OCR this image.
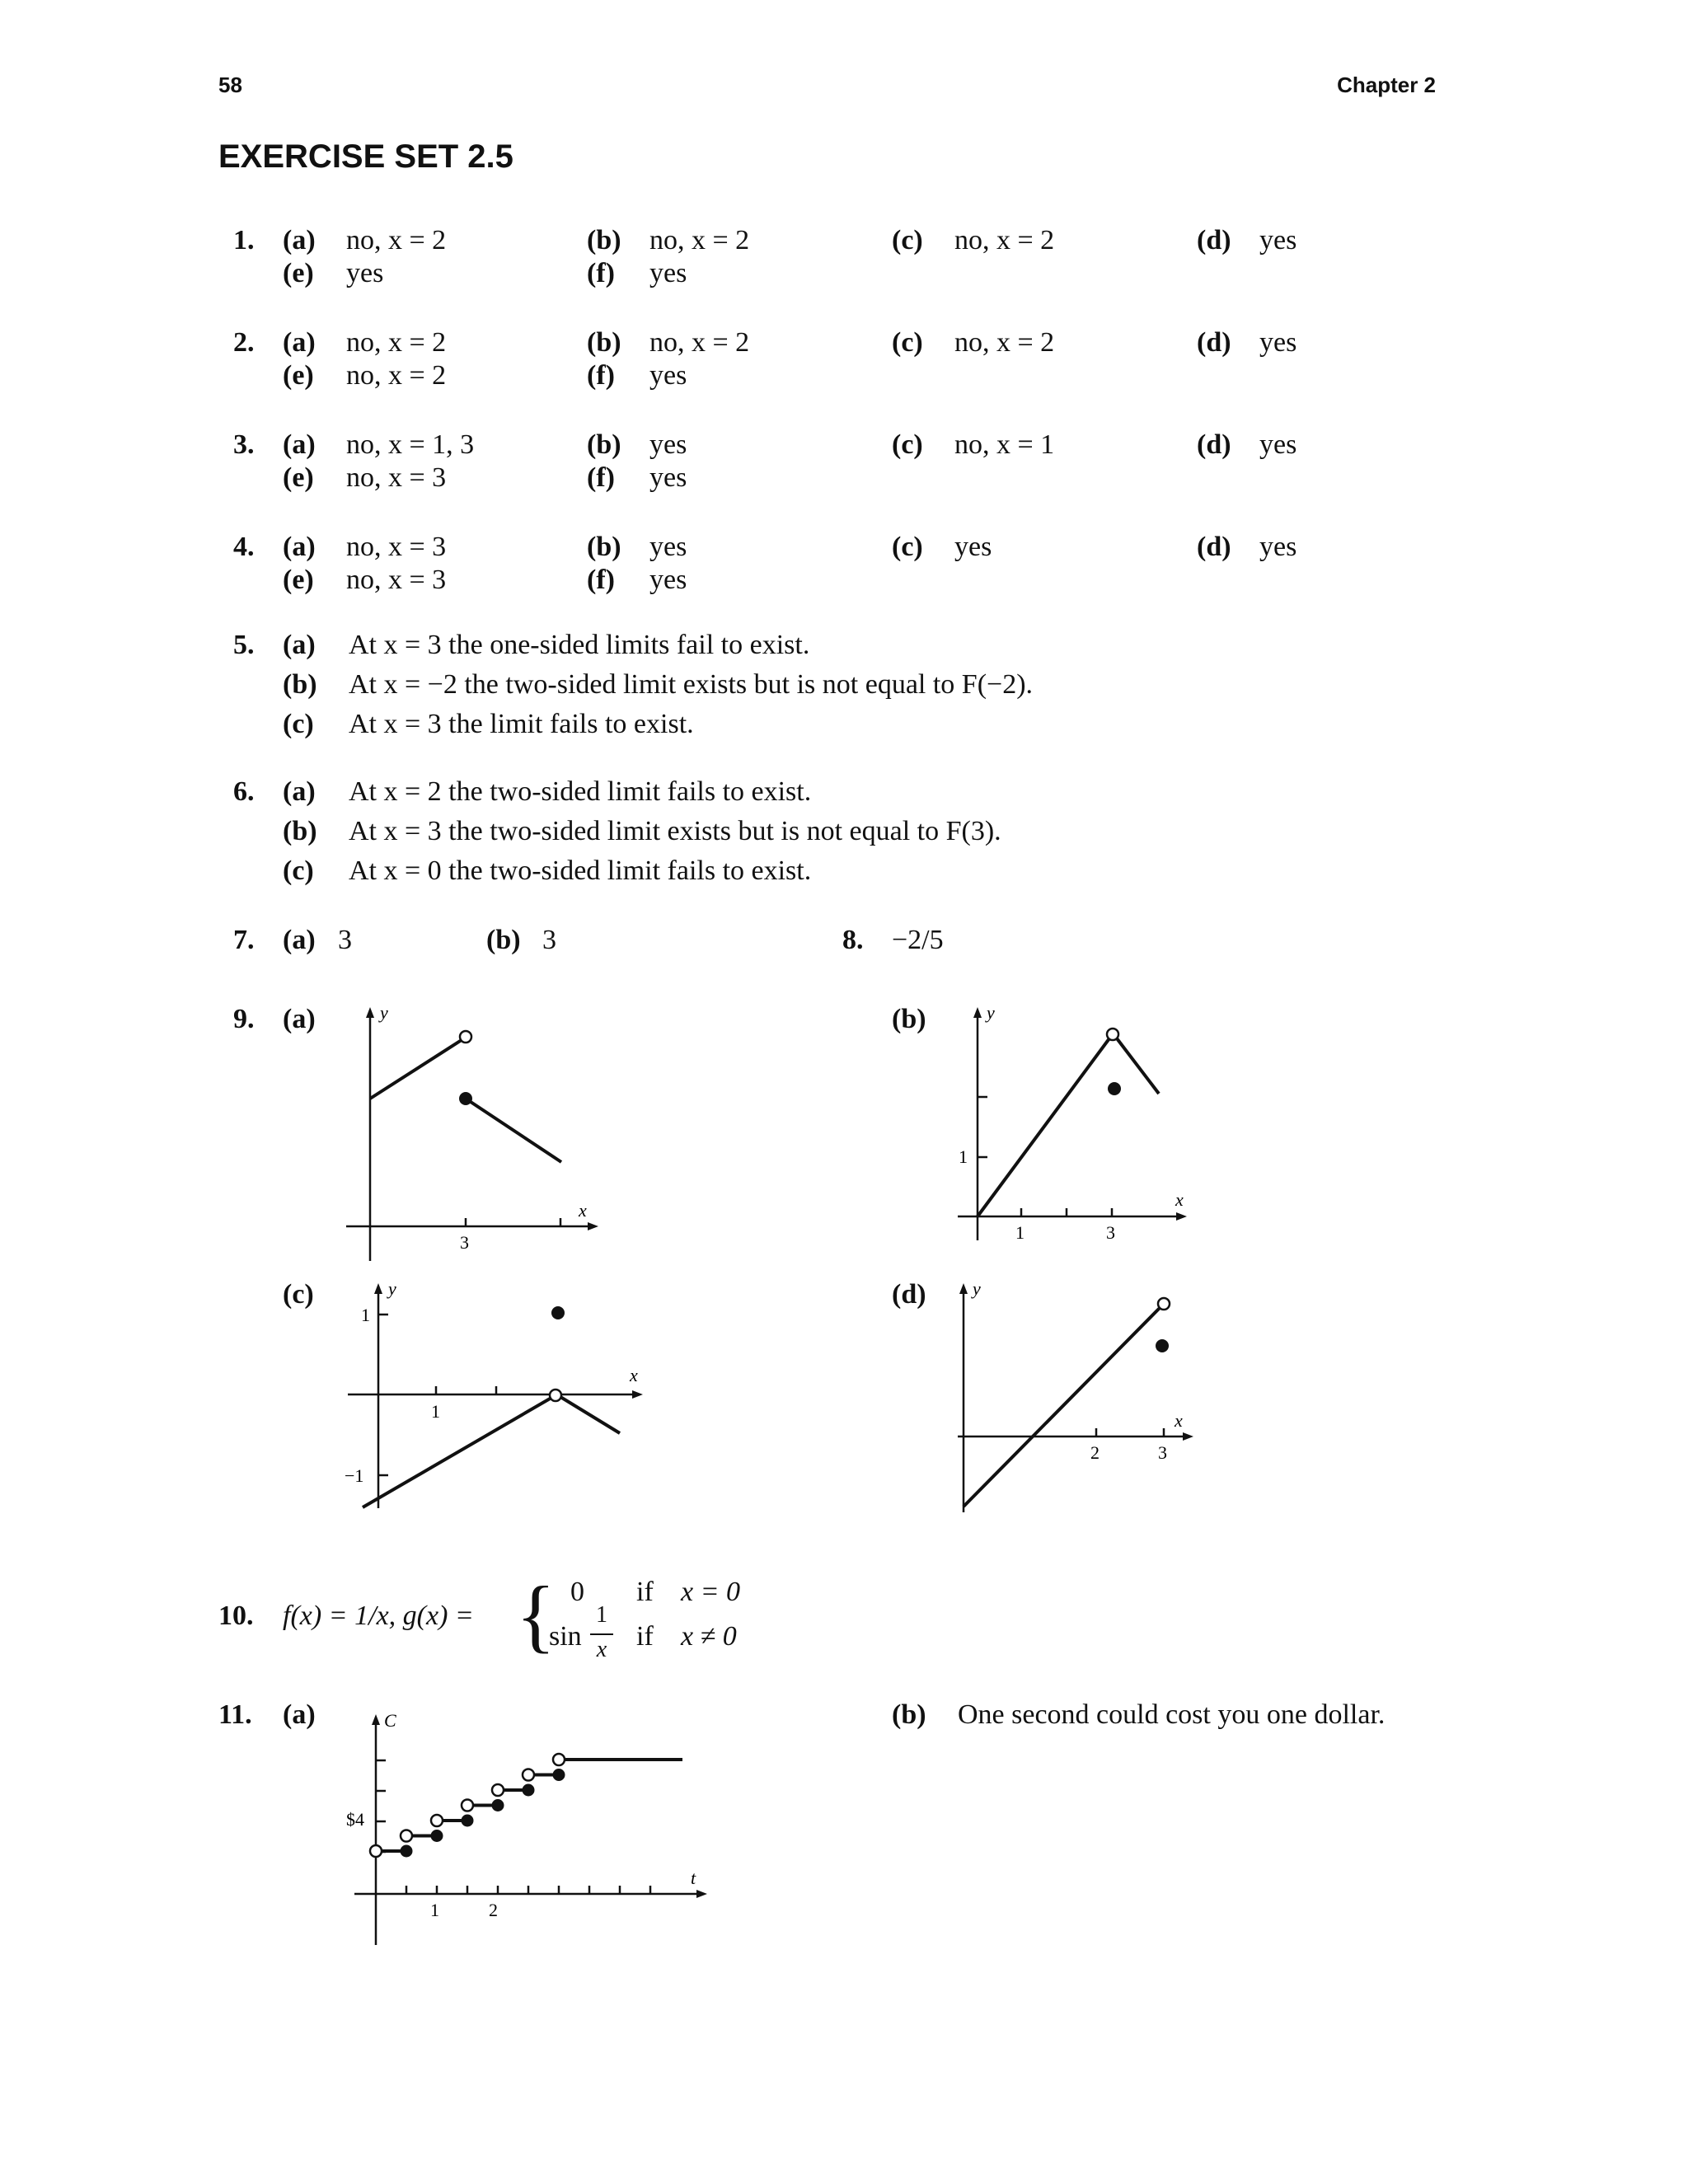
58	Chapter 2
EXERCISE SET 2.5
1. (a) no, x = 2	(b) no, x = 2	(c) no, x = 2	(d) yes
(e) yes	(f) yes
2. (a) no, x = 2	(b) no, x = 2	(c) no, x = 2	(d) yes
(e) no, x = 2	(f) yes
3. (a) no, x = 1, 3	(b) yes	(c) no, x = 1	(d) yes
(e) no, x = 3	(f) yes
4. (a) no, x = 3	(b) yes	(c) yes	(d) yes
(e) no, x = 3	(f) yes
5. (a) At x = 3 the one-sided limits fail to exist.
(b) At x = −2 the two-sided limit exists but is not equal to F(−2).
(c) At x = 3 the limit fails to exist.
6. (a) At x = 2 the two-sided limit fails to exist.
(b) At x = 3 the two-sided limit exists but is not equal to F(3).
(c) At x = 0 the two-sided limit fails to exist.
7. (a) 3	(b) 3	8. −2/5
9. (a)	(b)
(c)	(d)
y
x
3
y
x
1
1	3
y
x
1
1
−1
y
x
2	3
10. f(x) = 1/x, g(x) = { 0 if x = 0
sin
1
x if x ≠ 0
11. (a)	(b) One second could cost you one dollar.
C
t
$4
1	2
